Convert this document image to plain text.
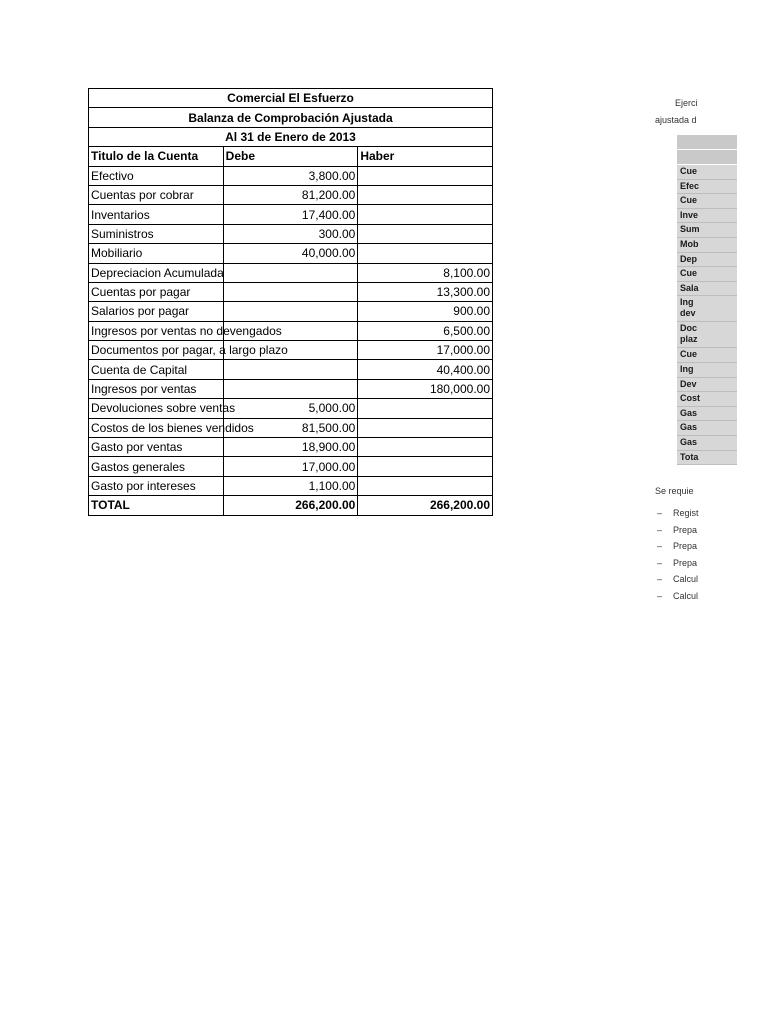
Comercial El Esfuerzo		
Balanza de Comprobación Ajustada		
Al 31 de Enero de 2013		
Titulo de la Cuenta	Debe	Haber
Efectivo	3,800.00	
Cuentas por cobrar	81,200.00	
Inventarios	17,400.00	
Suministros	300.00	
Mobiliario	40,000.00	
Depreciacion Acumulada		8,100.00
Cuentas por pagar		13,300.00
Salarios por pagar		900.00
Ingresos por ventas no devengados		6,500.00
Documentos por pagar, a largo plazo		17,000.00
Cuenta de Capital		40,400.00
Ingresos por ventas		180,000.00
Devoluciones sobre ventas	5,000.00	
Costos de los bienes vendidos	81,500.00	
Gasto por ventas	18,900.00	
Gastos generales	17,000.00	
Gasto por intereses	1,100.00	
TOTAL	266,200.00	266,200.00
Ejerci
ajustada d
Cue
Efec
Cue
Inve
Sum
Mob
Dep
Cue
Sala
Ing
dev
Doc
plaz
Cue
Ing
Dev
Cost
Gas
Gas
Gas
Tota
Se requie
– Regist
– Prepa
– Prepa
– Prepa
– Calcul
– Calcul
